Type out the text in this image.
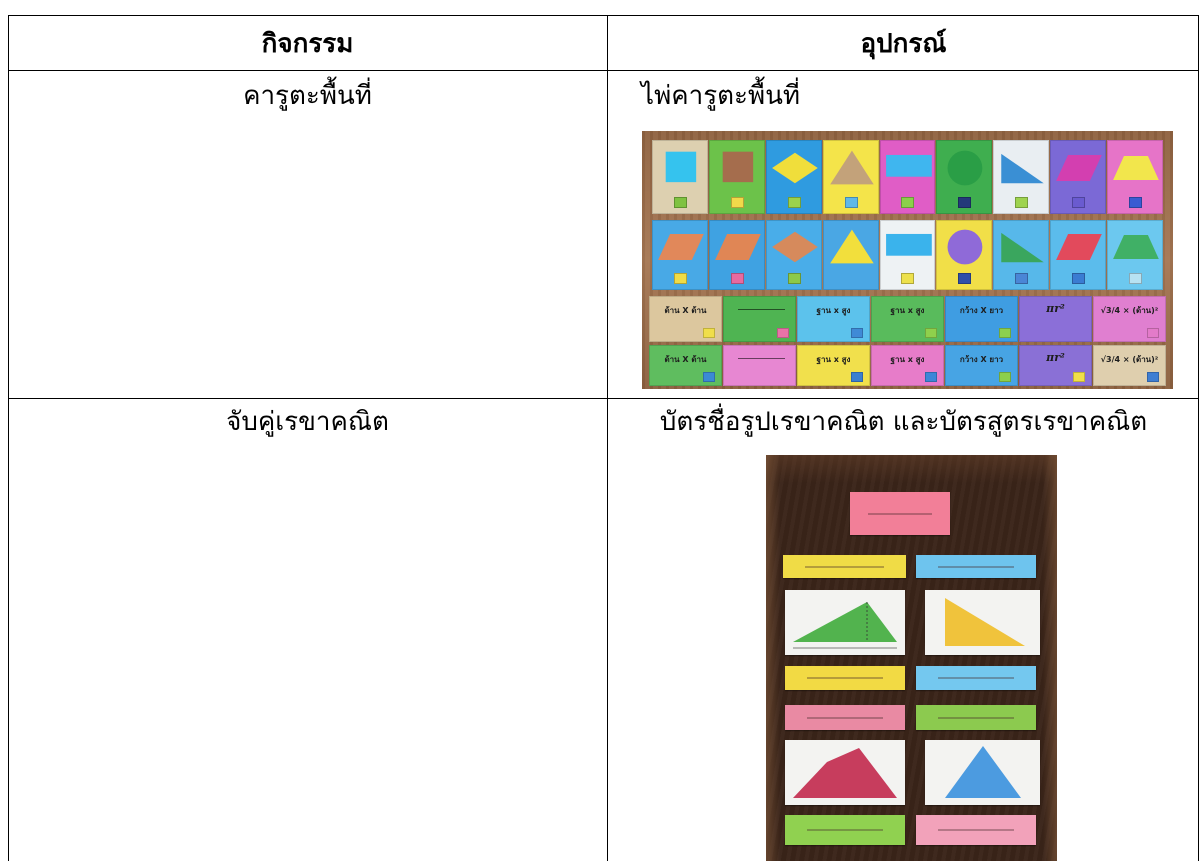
กิจกรรม	อุปกรณ์
คารูตะพื้นที่	ไพ่คารูตะพื้นที่
ด้าน X ด้าน	ฐาน x สูง	ฐาน x สูง	กว้าง X ยาว	πr²	√3/4 × (ด้าน)²
ด้าน X ด้าน	ฐาน x สูง	ฐาน x สูง	กว้าง X ยาว	πr²	√3/4 × (ด้าน)²
จับคู่เรขาคณิต	บัตรชื่อรูปเรขาคณิต และบัตรสูตรเรขาคณิต
